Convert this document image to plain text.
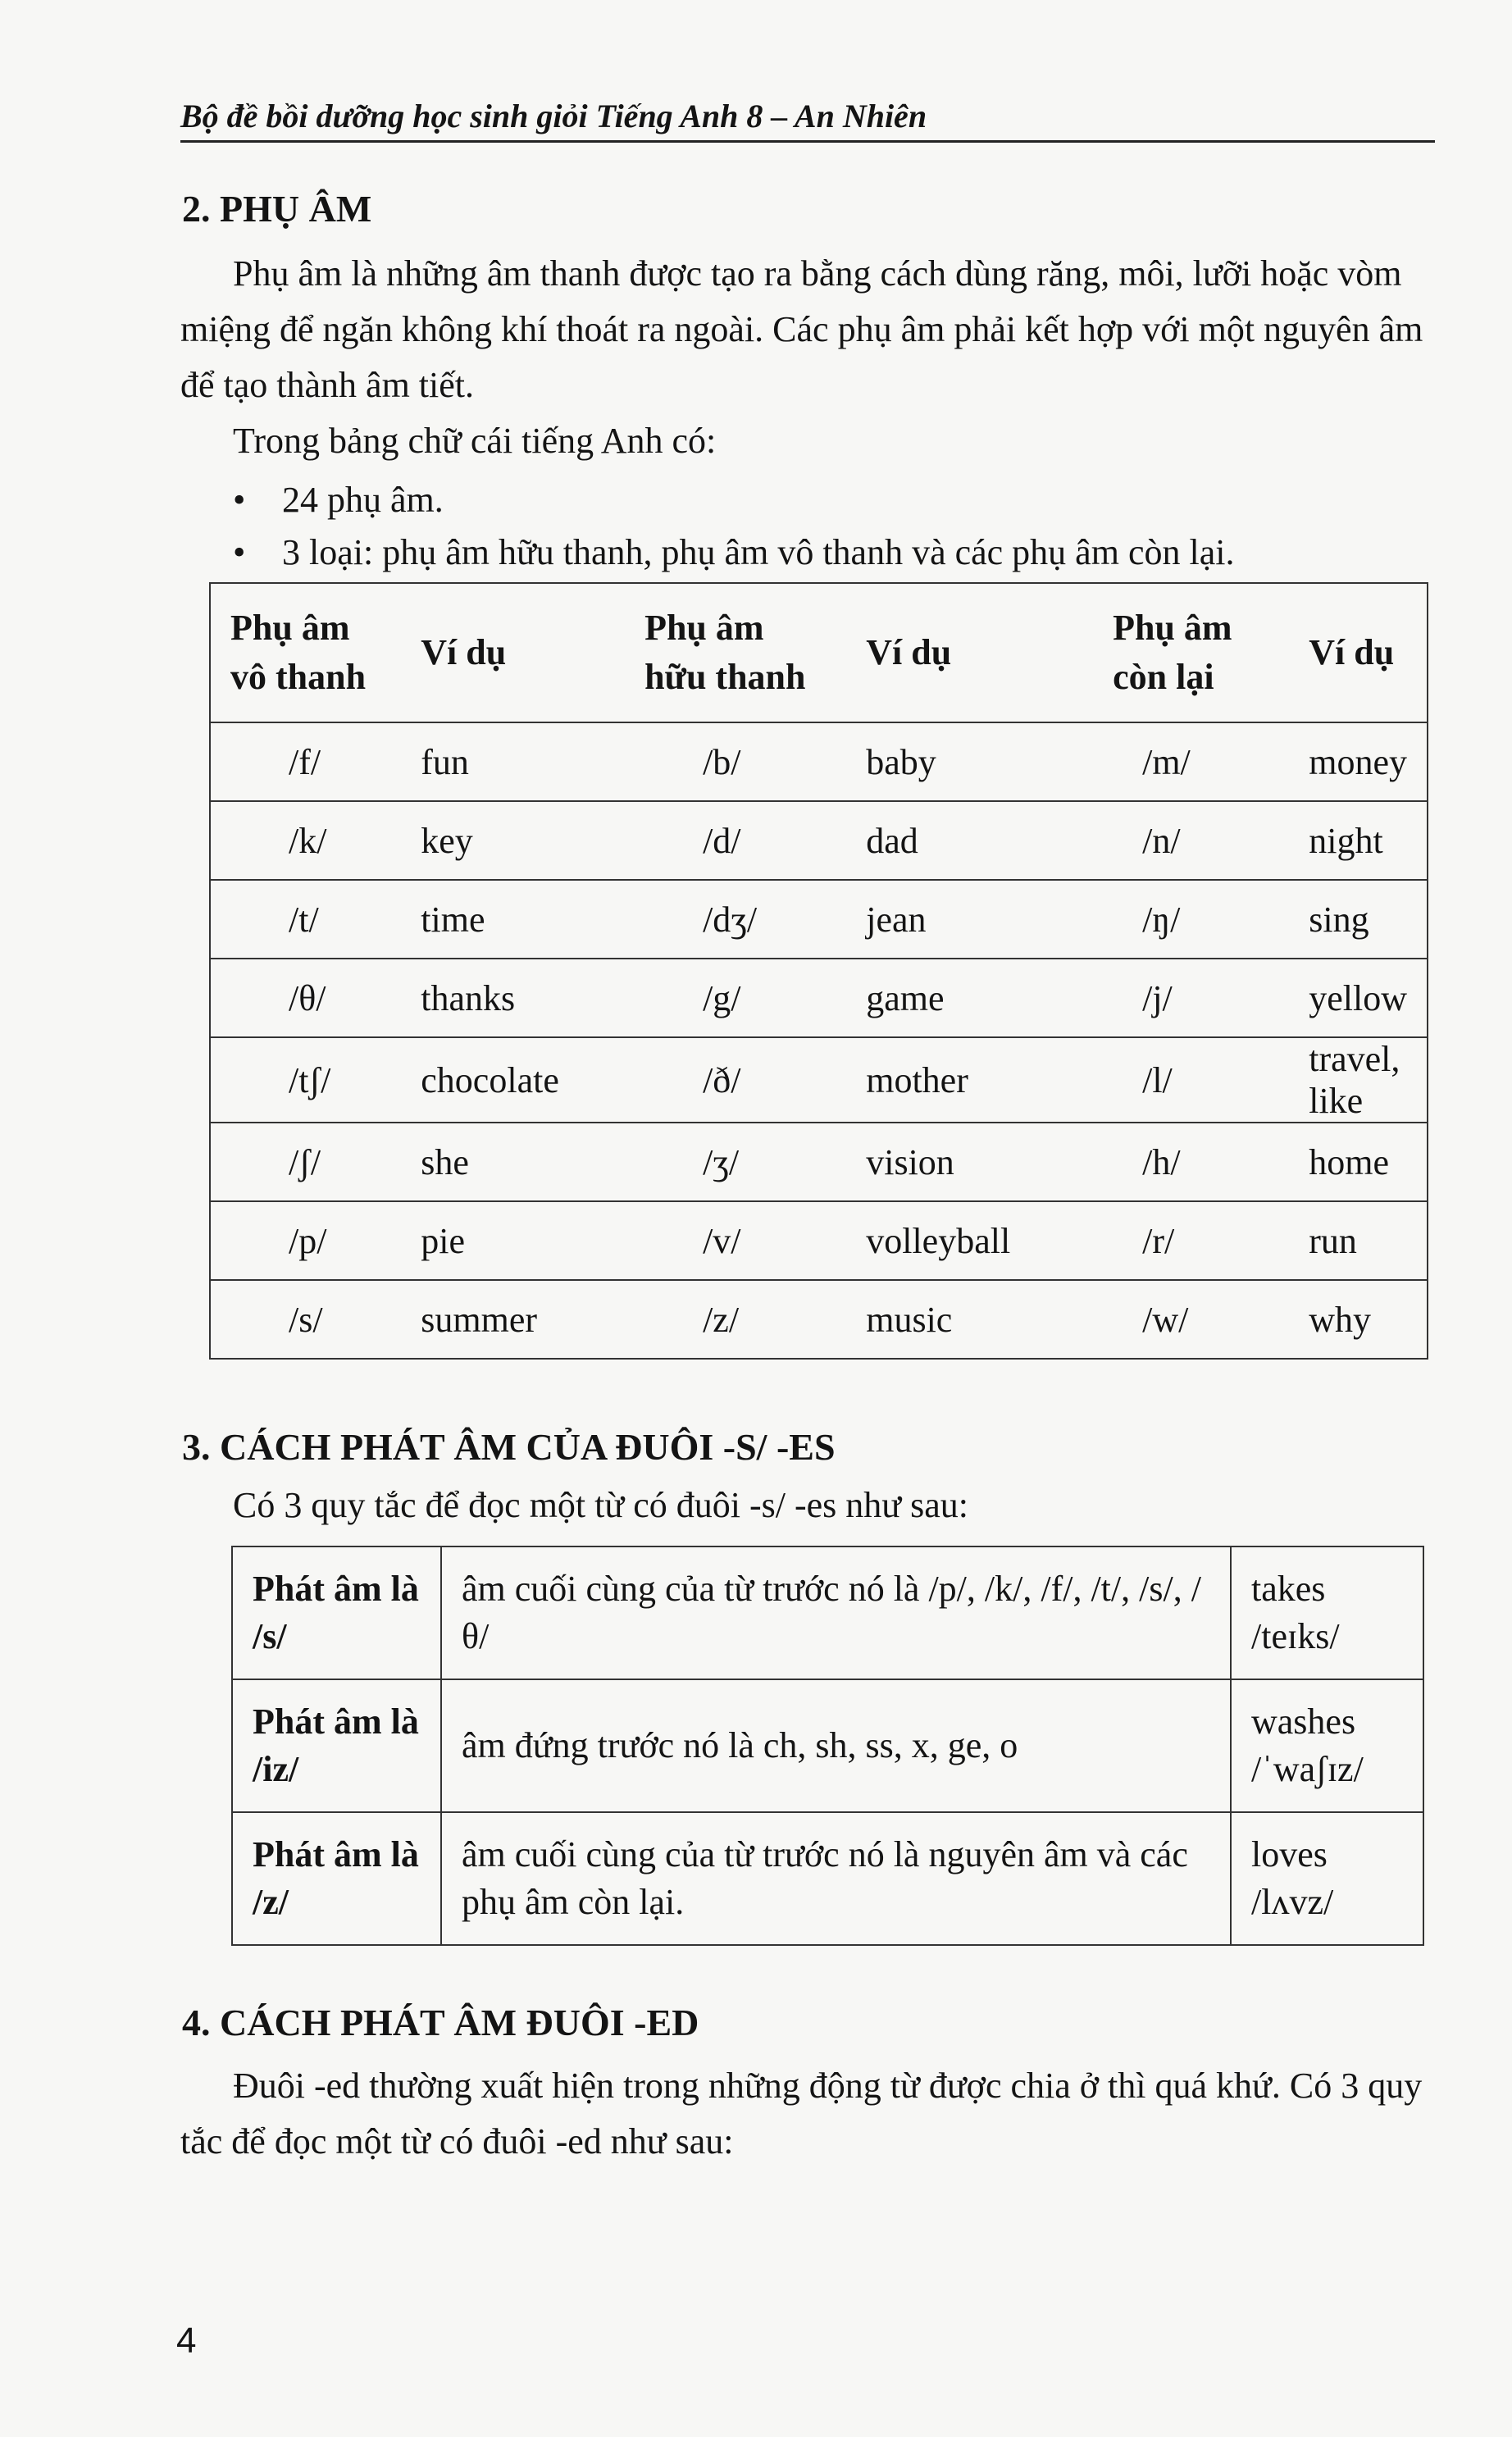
Bộ đề bồi dưỡng học sinh giỏi Tiếng Anh 8 – An Nhiên
2. PHỤ ÂM
Phụ âm là những âm thanh được tạo ra bằng cách dùng răng, môi, lưỡi hoặc vòm miệng để ngăn không khí thoát ra ngoài. Các phụ âm phải kết hợp với một nguyên âm để tạo thành âm tiết.
Trong bảng chữ cái tiếng Anh có:
• 24 phụ âm.
• 3 loại: phụ âm hữu thanh, phụ âm vô thanh và các phụ âm còn lại.
Phụ âm vô thanh	Ví dụ	Phụ âm hữu thanh	Ví dụ	Phụ âm còn lại	Ví dụ
/f/	fun	/b/	baby	/m/	money
/k/	key	/d/	dad	/n/	night
/t/	time	/dʒ/	jean	/ŋ/	sing
/θ/	thanks	/g/	game	/j/	yellow
/tʃ/	chocolate	/ð/	mother	/l/	travel, like
/ʃ/	she	/ʒ/	vision	/h/	home
/p/	pie	/v/	volleyball	/r/	run
/s/	summer	/z/	music	/w/	why
3. CÁCH PHÁT ÂM CỦA ĐUÔI -S/ -ES
Có 3 quy tắc để đọc một từ có đuôi -s/ -es như sau:
Phát âm là /s/	âm cuối cùng của từ trước nó là /p/, /k/, /f/, /t/, /s/, /θ/	takes
/teɪks/
Phát âm là /iz/	âm đứng trước nó là ch, sh, ss, x, ge, o	washes
/ˈwaʃɪz/
Phát âm là /z/	âm cuối cùng của từ trước nó là nguyên âm và các phụ âm còn lại.	loves
/lʌvz/
4. CÁCH PHÁT ÂM ĐUÔI -ED
Đuôi -ed thường xuất hiện trong những động từ được chia ở thì quá khứ. Có 3 quy tắc để đọc một từ có đuôi -ed như sau:
4
